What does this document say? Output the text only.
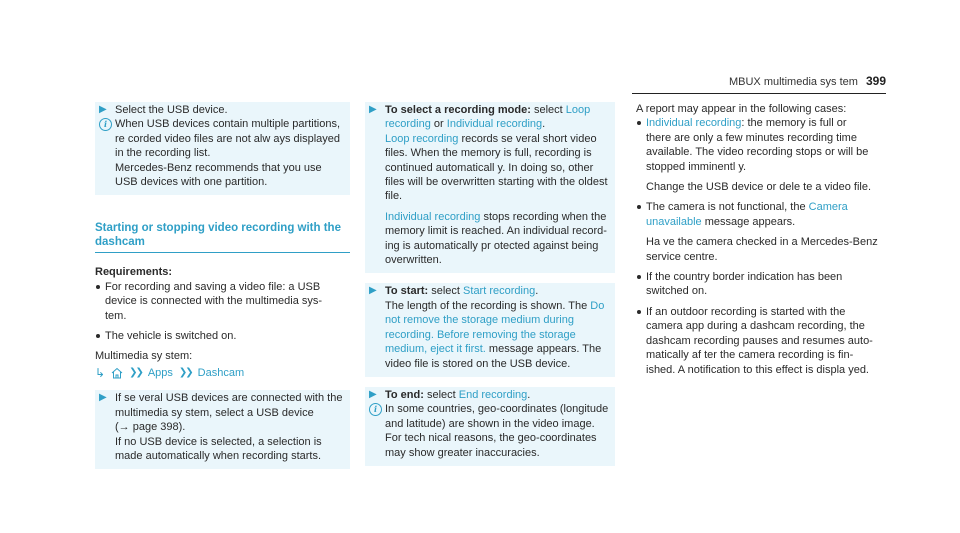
MBUX multimedia sys tem 399
▶ Select the USB device.

i When USB devices contain multiple partitions,

re corded video files are not alw ays displayed

in the recording list.

Mercedes-Benz recommends that you use

USB devices with one partition.

Starting or stopping video recording with the
dashcam

Requirements:

For recording and saving a video file: a USB
device is connected with the multimedia sys-
tem.
The vehicle is switched on.

Multimedia sy stem:

↳ ❯❯ Apps ❯❯ Dashcam
▶ If se veral USB devices are connected with the

multimedia sy stem, select a USB device

(→ page 398).

If no USB device is selected, a selection is

made automatically when recording starts.

▶ To select a recording mode: select Loop

recording or Individual recording.

Loop recording records se veral short video

files. When the memory is full, recording is

continued automaticall y. In doing so, other

files will be overwritten starting with the oldest

file.

Individual recording stops recording when the

memory limit is reached. An individual record-

ing is automatically pr otected against being

overwritten.

▶ To start: select Start recording.

The length of the recording is shown. The Do

not remove the storage medium during

recording. Before removing the storage

medium, eject it first. message appears. The

video file is stored on the USB device.

▶ To end: select End recording.

i In some countries, geo-coordinates (longitude

and latitude) are shown in the video image.

For tech nical reasons, the geo-coordinates

may show greater inaccuracies.

A report may appear in the following cases:

Individual recording: the memory is full or
there are only a few minutes recording time
available. The video recording stops or will be
stopped imminentl y.
Change the USB device or dele te a video file.
The camera is not functional, the Camera
unavailable message appears.
Ha ve the camera checked in a Mercedes-Benz
service centre.
If the country border indication has been
switched on.
If an outdoor recording is started with the
camera app during a dashcam recording, the
dashcam recording pauses and resumes auto-
matically af ter the camera recording is fin-
ished. A notification to this effect is displa yed.
